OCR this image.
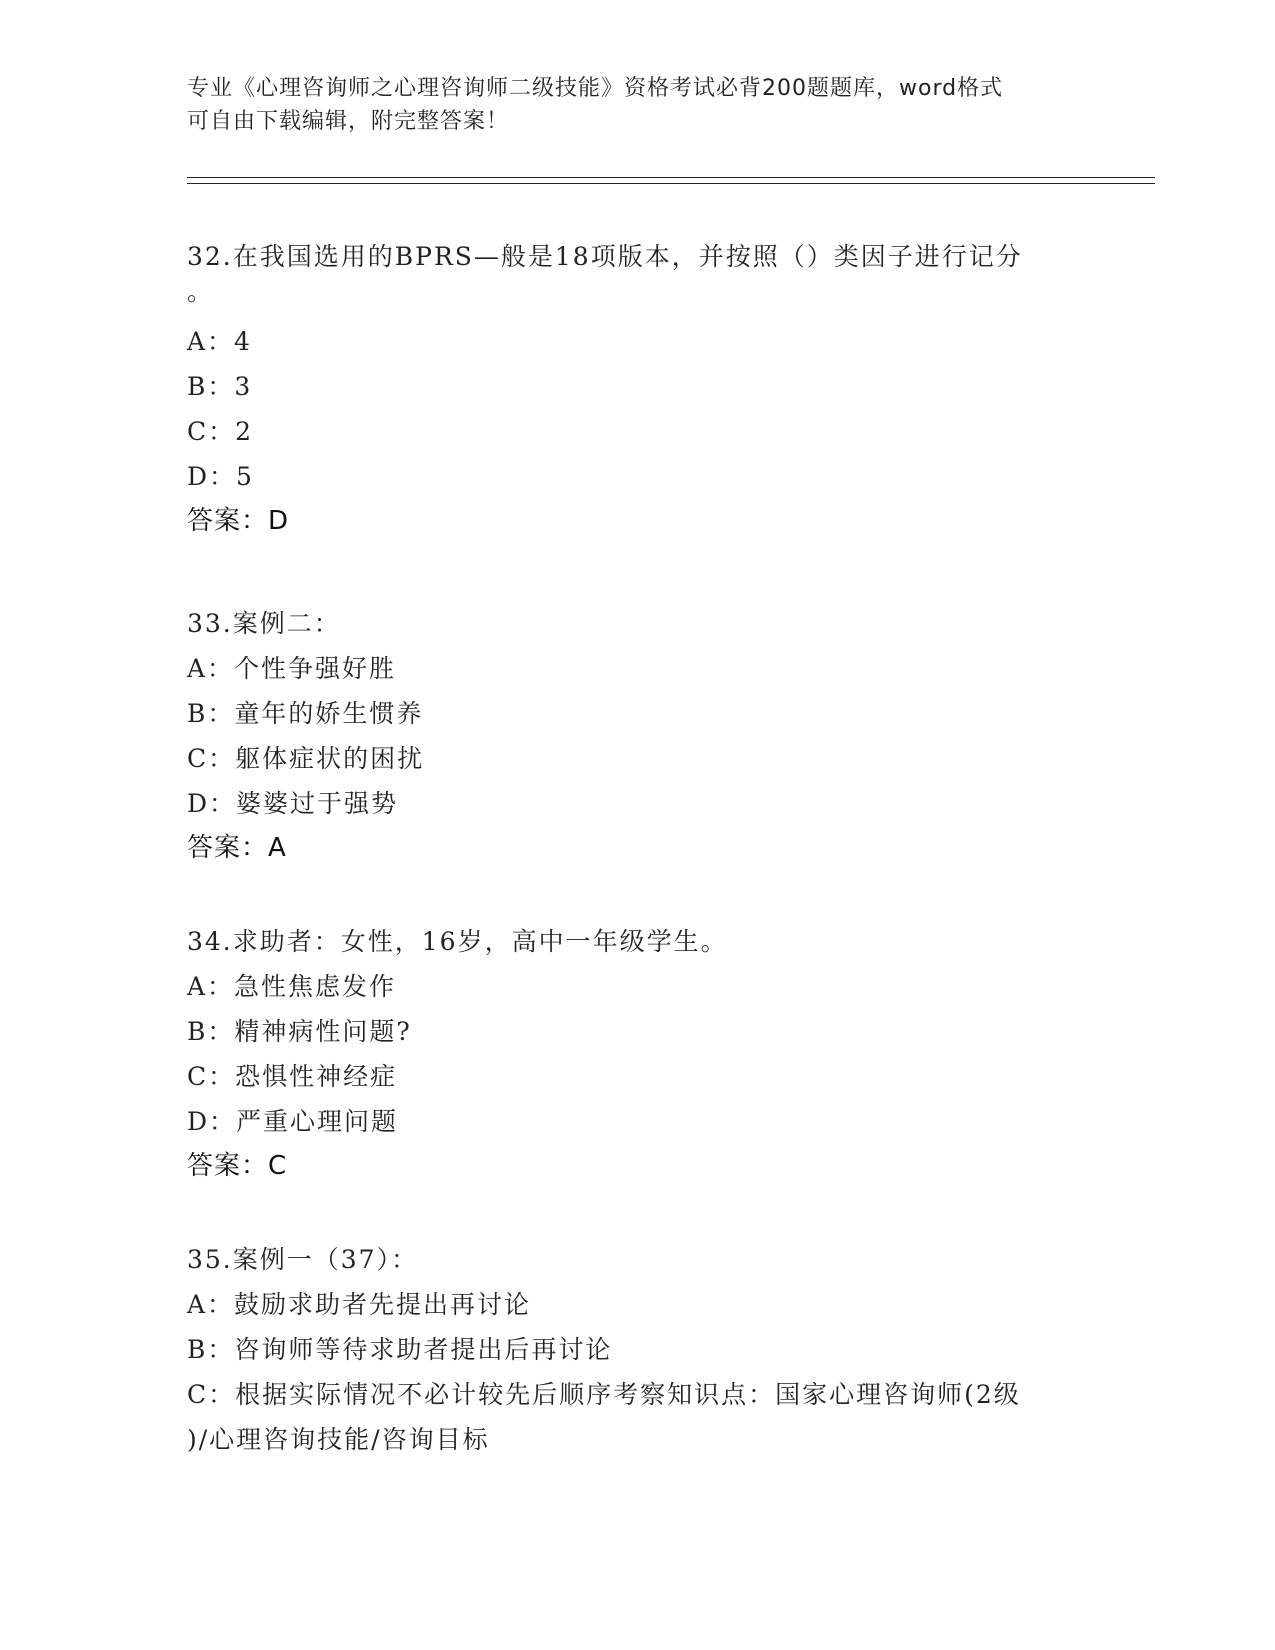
专业《心理咨询师之心理咨询师二级技能》资格考试必背200题题库，word格式
可自由下载编辑，附完整答案！
32.在我国选用的BPRS—般是18项版本，并按照（）类因子进行记分
。
A：4
B：3
C：2
D：5
答案：D
33.案例二：
A：个性争强好胜
B：童年的娇生惯养
C：躯体症状的困扰
D：婆婆过于强势
答案：A
34.求助者：女性，16岁，高中一年级学生。
A：急性焦虑发作
B：精神病性问题?
C：恐惧性神经症
D：严重心理问题
答案：C
35.案例一（37）：
A：鼓励求助者先提出再讨论
B：咨询师等待求助者提出后再讨论
C：根据实际情况不必计较先后顺序考察知识点：国家心理咨询师(2级
)/心理咨询技能/咨询目标
